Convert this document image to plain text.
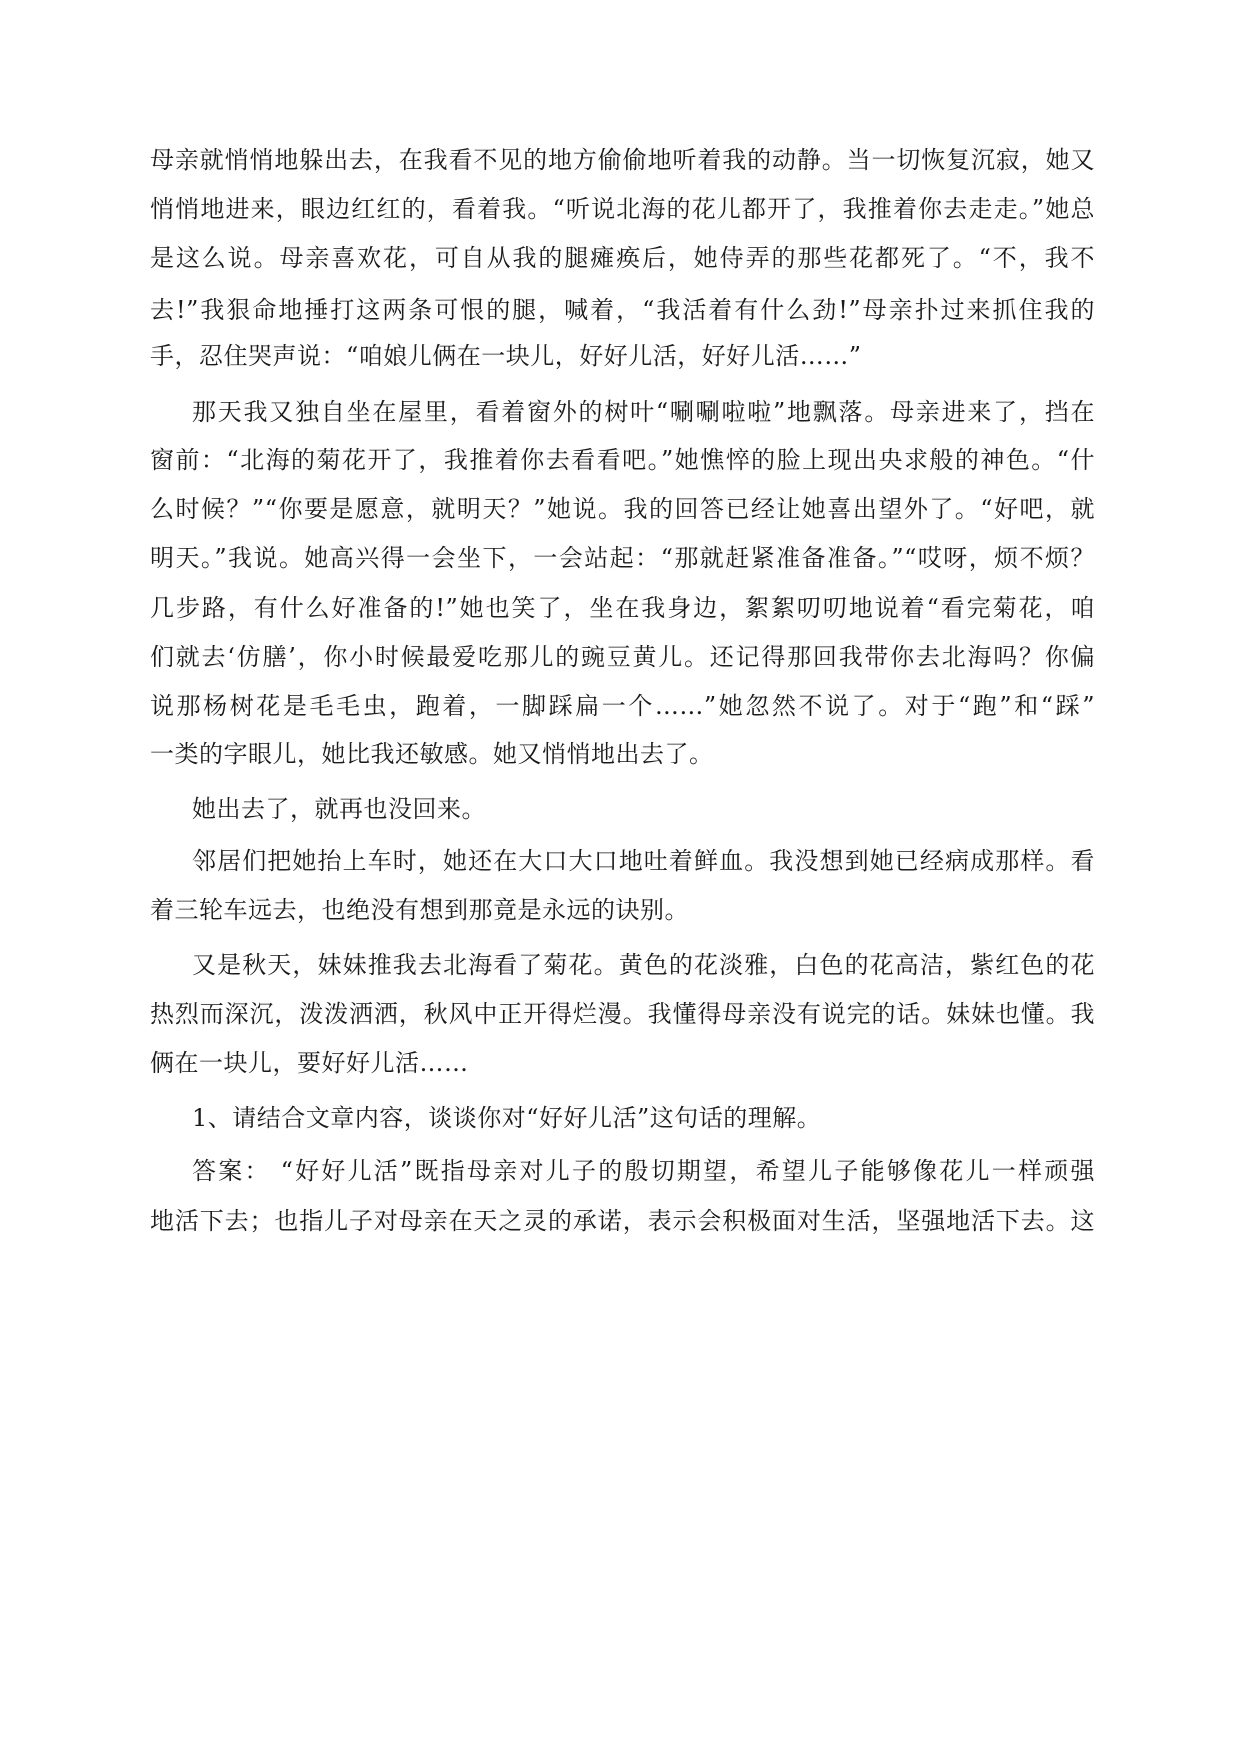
母亲就悄悄地躲出去，在我看不见的地方偷偷地听着我的动静。当一切恢复沉寂，她又
悄悄地进来，眼边红红的，看着我。“听说北海的花儿都开了，我推着你去走走。”她总
是这么说。母亲喜欢花，可自从我的腿瘫痪后，她侍弄的那些花都死了。“不，我不
去!”我狠命地捶打这两条可恨的腿，喊着，“我活着有什么劲!”母亲扑过来抓住我的
手，忍住哭声说：“咱娘儿俩在一块儿，好好儿活，好好儿活……”
那天我又独自坐在屋里，看着窗外的树叶“唰唰啦啦”地飘落。母亲进来了，挡在
窗前：“北海的菊花开了，我推着你去看看吧。”她憔悴的脸上现出央求般的神色。“什
么时候？”“你要是愿意，就明天？”她说。我的回答已经让她喜出望外了。“好吧，就
明天。”我说。她高兴得一会坐下，一会站起：“那就赶紧准备准备。”“哎呀，烦不烦？
几步路，有什么好准备的!”她也笑了，坐在我身边，絮絮叨叨地说着“看完菊花，咱
们就去‘仿膳’，你小时候最爱吃那儿的豌豆黄儿。还记得那回我带你去北海吗？你偏
说那杨树花是毛毛虫，跑着，一脚踩扁一个……”她忽然不说了。对于“跑”和“踩”
一类的字眼儿，她比我还敏感。她又悄悄地出去了。
她出去了，就再也没回来。
邻居们把她抬上车时，她还在大口大口地吐着鲜血。我没想到她已经病成那样。看
着三轮车远去，也绝没有想到那竟是永远的诀别。
又是秋天，妹妹推我去北海看了菊花。黄色的花淡雅，白色的花高洁，紫红色的花
热烈而深沉，泼泼洒洒，秋风中正开得烂漫。我懂得母亲没有说完的话。妹妹也懂。我
俩在一块儿，要好好儿活……
1、请结合文章内容，谈谈你对“好好儿活”这句话的理解。
答案： “好好儿活”既指母亲对儿子的殷切期望，希望儿子能够像花儿一样顽强
地活下去；也指儿子对母亲在天之灵的承诺，表示会积极面对生活，坚强地活下去。这
